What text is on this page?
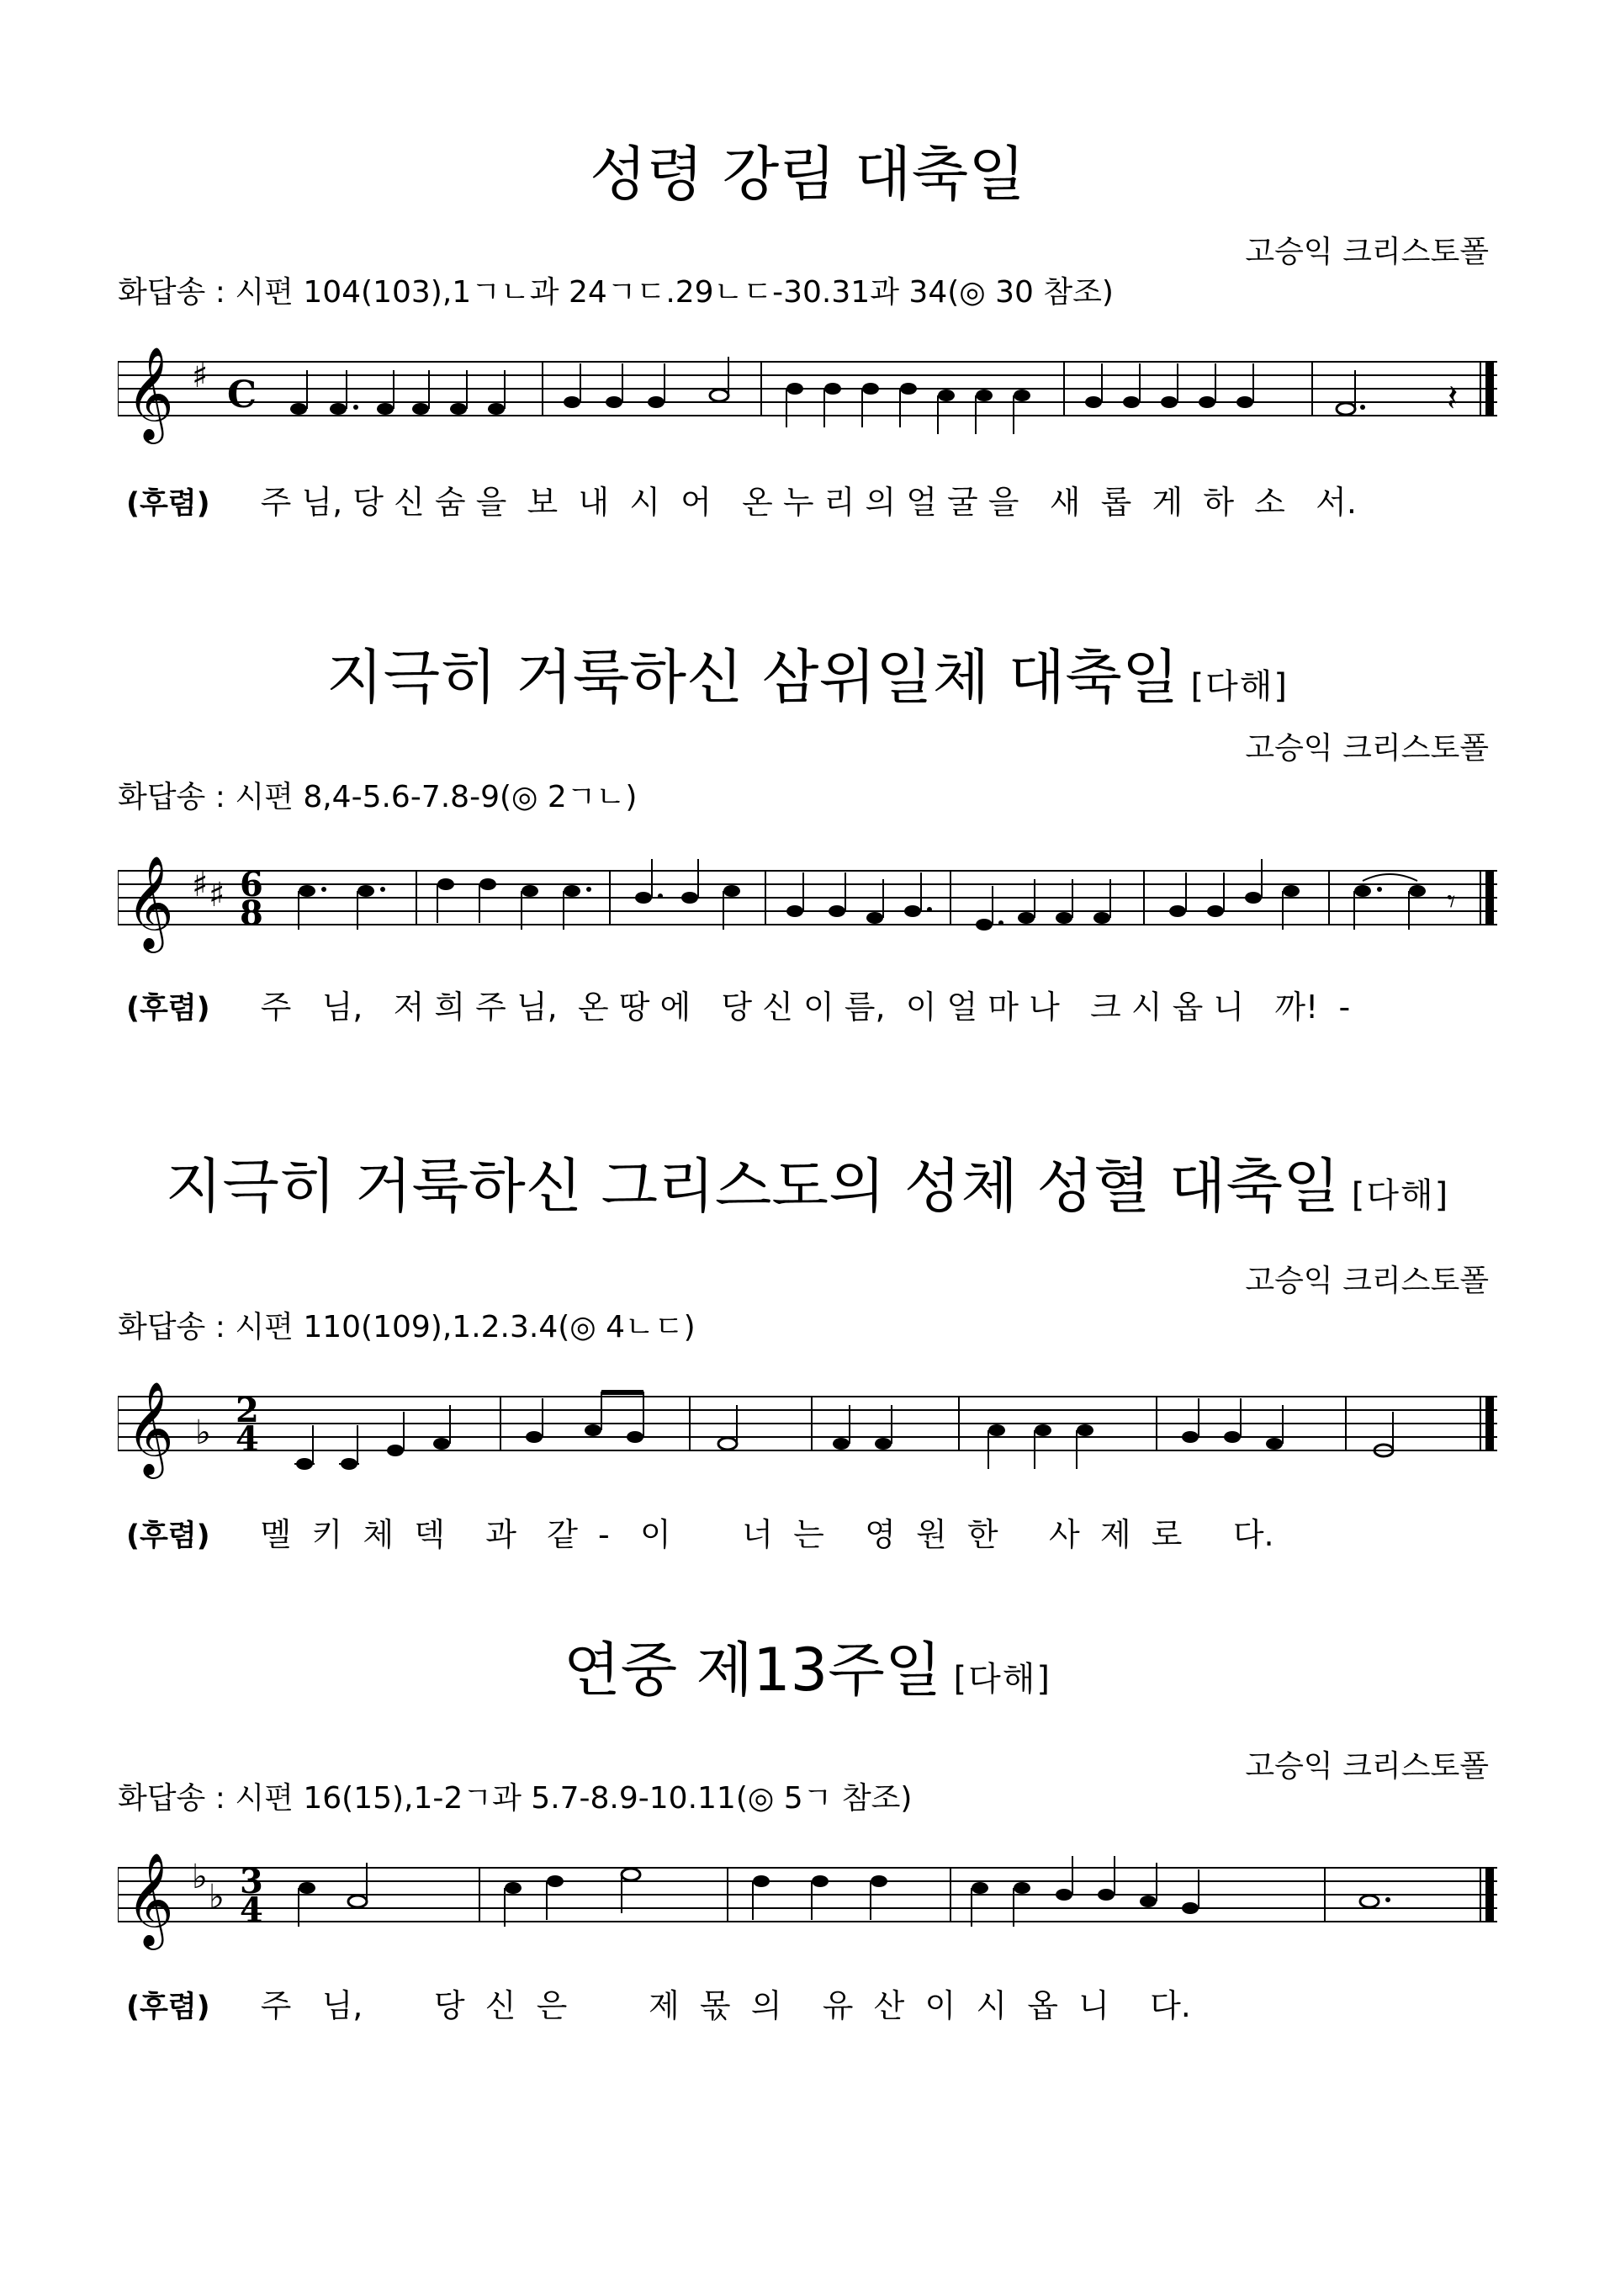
성령 강림 대축일
고승익 크리스토폴
화답송 : 시편 104(103),1ㄱㄴ과 24ㄱㄷ.29ㄴㄷ-30.31과 34(◎ 30 참조)
𝄞 ♯ C	𝄽
(후렴) 주 님, 당 신 숨 을  보  내  시  어   온 누 리 의 얼 굴 을   새  롭  게  하  소   서.
지극히 거룩하신 삼위일체 대축일 [다해]
고승익 크리스토폴
화답송 : 시편 8,4-5.6-7.8-9(◎ 2ㄱㄴ)
𝄞 ♯ ♯ 6
8	𝄾
(후렴) 주   님,   저 희 주 님,  온 땅 에   당 신 이 름,  이 얼 마 나   크 시 옵 니   까!  -
지극히 거룩하신 그리스도의 성체 성혈 대축일 [다해]
고승익 크리스토폴
화답송 : 시편 110(109),1.2.3.4(◎ 4ㄴㄷ)
𝄞 ♭
2
4
(후렴) 멜  키  체  덱    과   같  -   이       너  는    영  원  한     사  제  로     다.
연중 제13주일 [다해]
고승익 크리스토폴
화답송 : 시편 16(15),1-2ㄱ과 5.7-8.9-10.11(◎ 5ㄱ 참조)
𝄞 ♭
♭ 3
4
(후렴) 주   님,       당  신  은        제  몫  의    유  산  이  시  옵  니    다.
